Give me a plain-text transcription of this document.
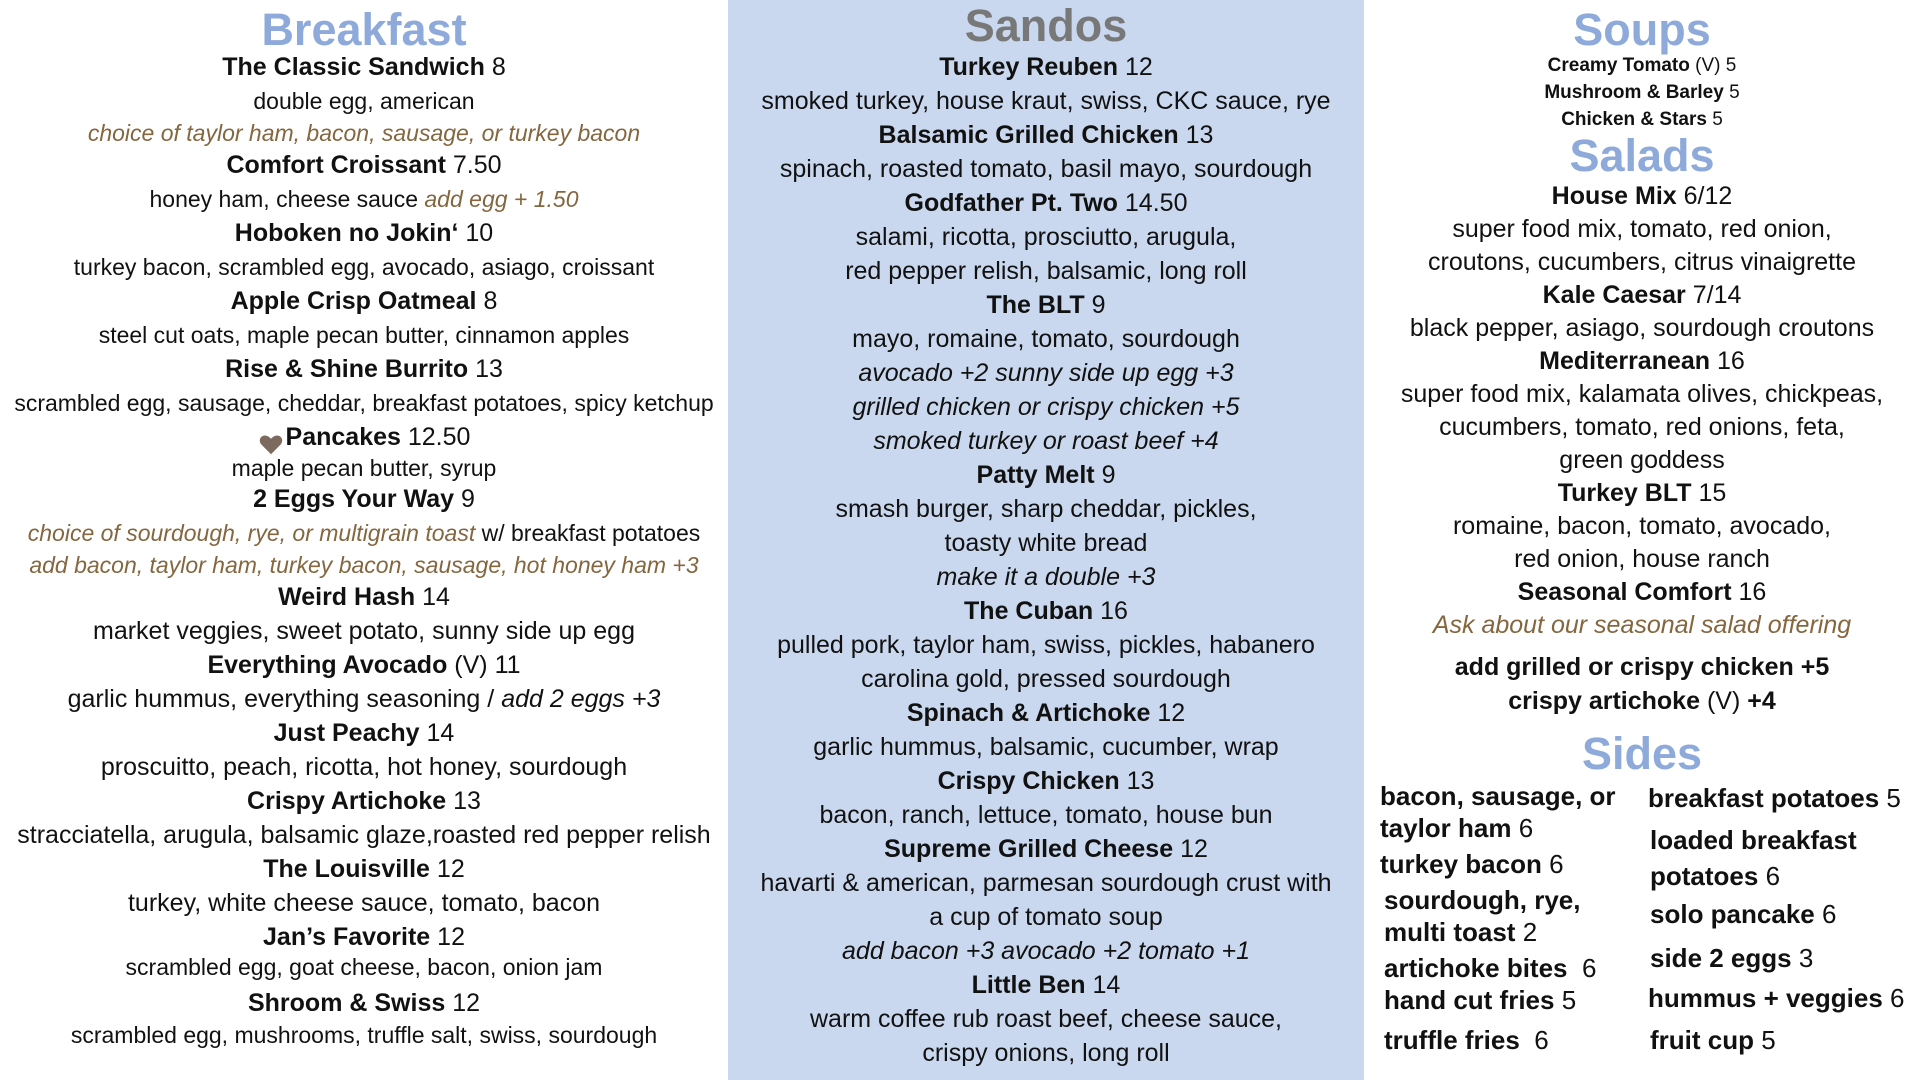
Breakfast
The Classic Sandwich 8
double egg, american
choice of taylor ham, bacon, sausage, or turkey bacon
Comfort Croissant 7.50
honey ham, cheese sauce add egg + 1.50
Hoboken no Jokin‘ 10
turkey bacon, scrambled egg, avocado, asiago, croissant
Apple Crisp Oatmeal 8
steel cut oats, maple pecan butter, cinnamon apples
Rise & Shine Burrito 13
scrambled egg, sausage, cheddar, breakfast potatoes, spicy ketchup
Pancakes 12.50
maple pecan butter, syrup
2 Eggs Your Way 9
choice of sourdough, rye, or multigrain toast w/ breakfast potatoes
add bacon, taylor ham, turkey bacon, sausage, hot honey ham +3
Weird Hash 14
market veggies, sweet potato, sunny side up egg
Everything Avocado (V) 11
garlic hummus, everything seasoning / add 2 eggs +3
Just Peachy 14
proscuitto, peach, ricotta, hot honey, sourdough
Crispy Artichoke 13
stracciatella, arugula, balsamic glaze,roasted red pepper relish
The Louisville 12
turkey, white cheese sauce, tomato, bacon
Jan’s Favorite 12
scrambled egg, goat cheese, bacon, onion jam
Shroom & Swiss 12
scrambled egg, mushrooms, truffle salt, swiss, sourdough
Sandos
Turkey Reuben 12
smoked turkey, house kraut, swiss, CKC sauce, rye
Balsamic Grilled Chicken 13
spinach, roasted tomato, basil mayo, sourdough
Godfather Pt. Two 14.50
salami, ricotta, prosciutto, arugula,
red pepper relish, balsamic, long roll
The BLT 9
mayo, romaine, tomato, sourdough
avocado +2 sunny side up egg +3
grilled chicken or crispy chicken +5
smoked turkey or roast beef +4
Patty Melt 9
smash burger, sharp cheddar, pickles,
toasty white bread
make it a double +3
The Cuban 16
pulled pork, taylor ham, swiss, pickles, habanero
carolina gold, pressed sourdough
Spinach & Artichoke 12
garlic hummus, balsamic, cucumber, wrap
Crispy Chicken 13
bacon, ranch, lettuce, tomato, house bun
Supreme Grilled Cheese 12
havarti & american, parmesan sourdough crust with
a cup of tomato soup
add bacon +3 avocado +2 tomato +1
Little Ben 14
warm coffee rub roast beef, cheese sauce,
crispy onions, long roll
Soups
Creamy Tomato (V) 5
Mushroom & Barley 5
Chicken & Stars 5
Salads
House Mix 6/12
super food mix, tomato, red onion,
croutons, cucumbers, citrus vinaigrette
Kale Caesar 7/14
black pepper, asiago, sourdough croutons
Mediterranean 16
super food mix, kalamata olives, chickpeas,
cucumbers, tomato, red onions, feta,
green goddess
Turkey BLT 15
romaine, bacon, tomato, avocado,
red onion, house ranch
Seasonal Comfort 16
Ask about our seasonal salad offering
add grilled or crispy chicken +5
crispy artichoke (V) +4
Sides
bacon, sausage, or
taylor ham 6
turkey bacon 6
sourdough, rye,
multi toast 2
artichoke bites 6
hand cut fries 5
truffle fries 6
breakfast potatoes 5
loaded breakfast
potatoes 6
solo pancake 6
side 2 eggs 3
hummus + veggies 6
fruit cup 5
